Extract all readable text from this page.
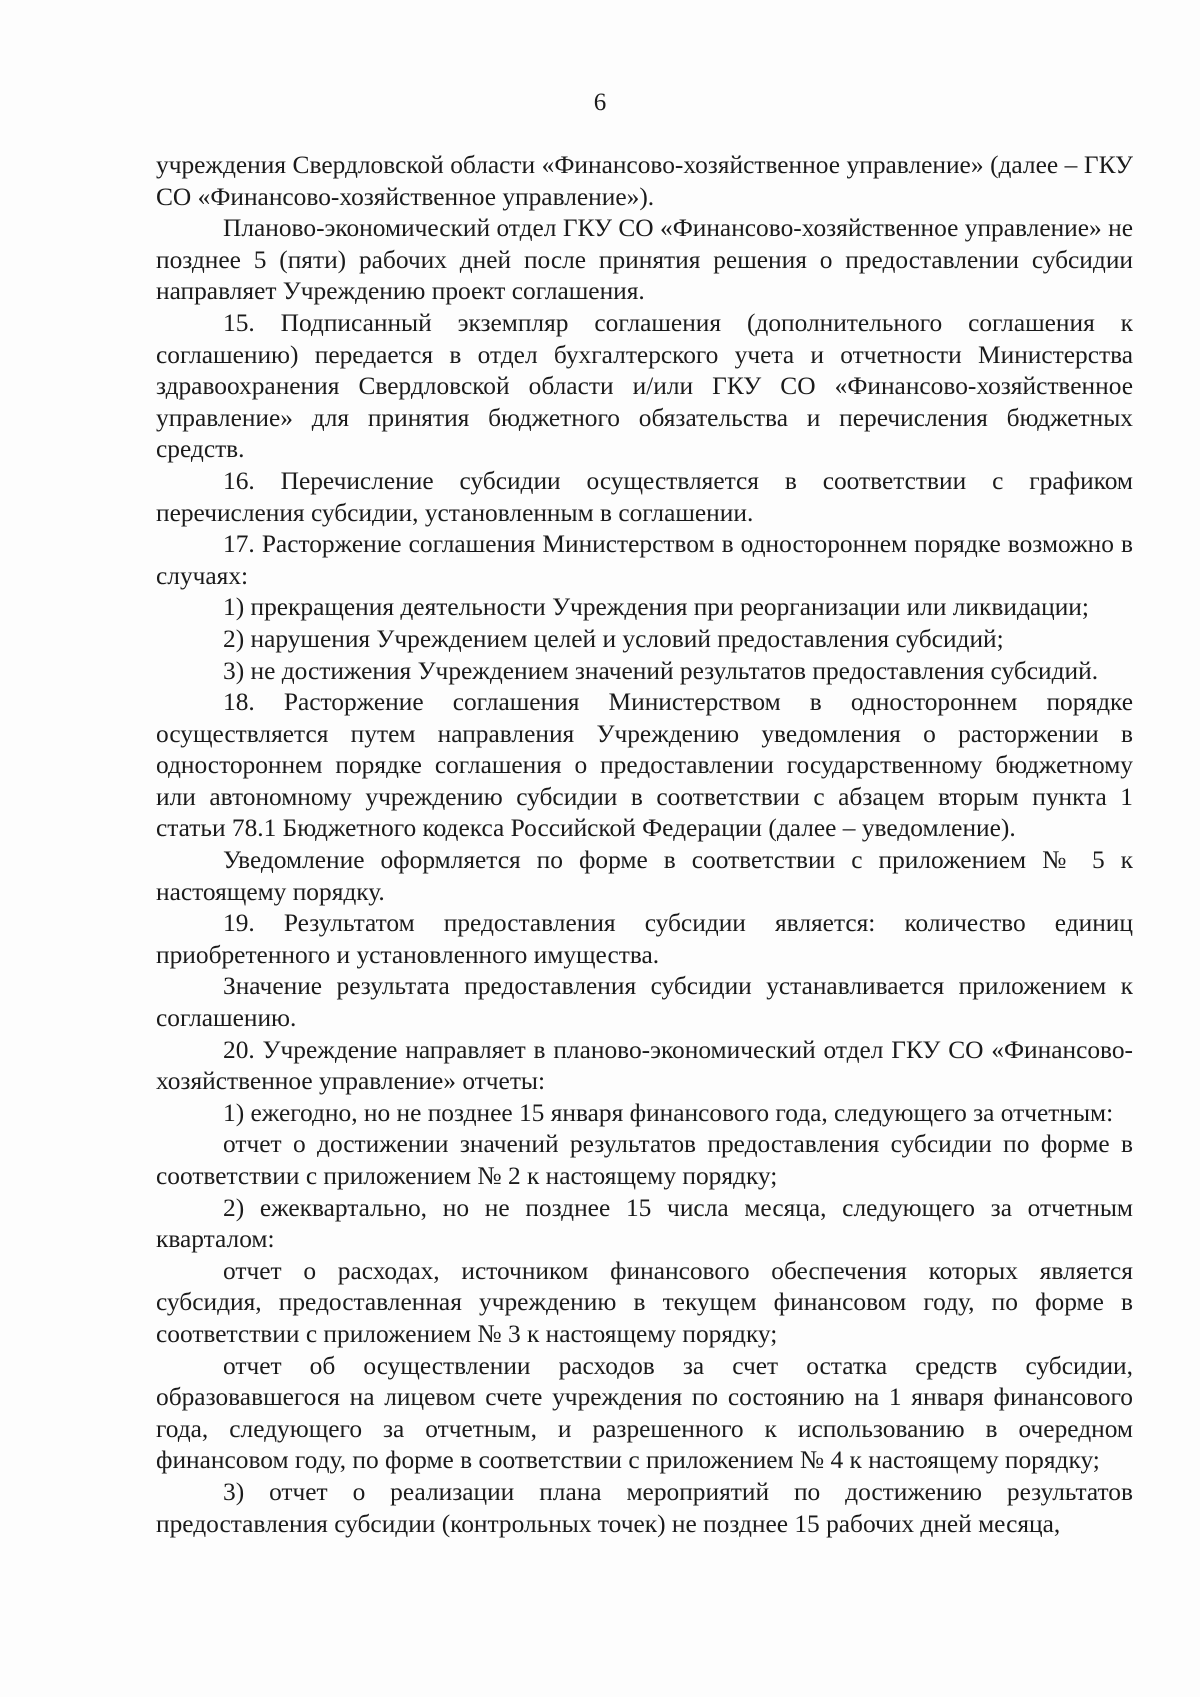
6

учреждения Свердловской области «Финансово-хозяйственное управление» (далее – ГКУ СО «Финансово-хозяйственное управление»).

Планово-экономический отдел ГКУ СО «Финансово-хозяйственное управление» не позднее 5 (пяти) рабочих дней после принятия решения о предоставлении субсидии направляет Учреждению проект соглашения.

15. Подписанный экземпляр соглашения (дополнительного соглашения к соглашению) передается в отдел бухгалтерского учета и отчетности Министерства здравоохранения Свердловской области и/или ГКУ СО «Финансово-хозяйственное управление» для принятия бюджетного обязательства и перечисления бюджетных средств.

16. Перечисление субсидии осуществляется в соответствии с графиком перечисления субсидии, установленным в соглашении.

17. Расторжение соглашения Министерством в одностороннем порядке возможно в случаях:

1) прекращения деятельности Учреждения при реорганизации или ликвидации;

2) нарушения Учреждением целей и условий предоставления субсидий;

3) не достижения Учреждением значений результатов предоставления субсидий.

18. Расторжение соглашения Министерством в одностороннем порядке осуществляется путем направления Учреждению уведомления о расторжении в одностороннем порядке соглашения о предоставлении государственному бюджетному или автономному учреждению субсидии в соответствии с абзацем вторым пункта 1 статьи 78.1 Бюджетного кодекса Российской Федерации (далее – уведомление).

Уведомление оформляется по форме в соответствии с приложением № 5 к настоящему порядку.

19. Результатом предоставления субсидии является: количество единиц приобретенного и установленного имущества.

Значение результата предоставления субсидии устанавливается приложением к соглашению.

20. Учреждение направляет в планово-экономический отдел ГКУ СО «Финансово-хозяйственное управление» отчеты:

1) ежегодно, но не позднее 15 января финансового года, следующего за отчетным:

отчет о достижении значений результатов предоставления субсидии по форме в соответствии с приложением № 2 к настоящему порядку;

2) ежеквартально, но не позднее 15 числа месяца, следующего за отчетным кварталом:

отчет о расходах, источником финансового обеспечения которых является субсидия, предоставленная учреждению в текущем финансовом году, по форме в соответствии с приложением № 3 к настоящему порядку;

отчет об осуществлении расходов за счет остатка средств субсидии, образовавшегося на лицевом счете учреждения по состоянию на 1 января финансового года, следующего за отчетным, и разрешенного к использованию в очередном финансовом году, по форме в соответствии с приложением № 4 к настоящему порядку;

3) отчет о реализации плана мероприятий по достижению результатов предоставления субсидии (контрольных точек) не позднее 15 рабочих дней месяца,
